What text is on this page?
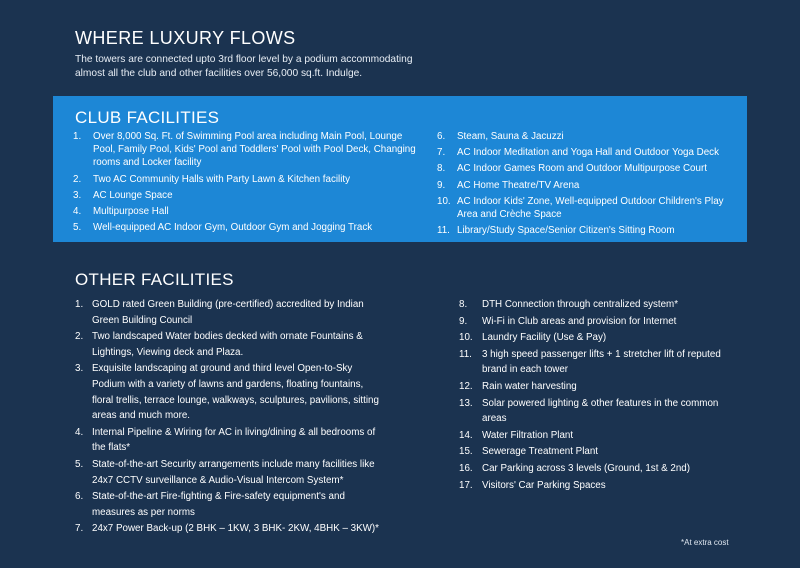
WHERE LUXURY FLOWS

The towers are connected upto 3rd floor level by a podium accommodating almost all the club and other facilities over 56,000 sq.ft. Indulge.

CLUB FACILITIES
1.	Over 8,000 Sq. Ft. of Swimming Pool area including Main Pool, Lounge Pool, Family Pool, Kids' Pool and Toddlers' Pool with Pool Deck, Changing rooms and Locker facility
2.	Two AC Community Halls with Party Lawn & Kitchen facility
3.	AC Lounge Space
4.	Multipurpose Hall
5.	Well-equipped AC Indoor Gym, Outdoor Gym and Jogging Track
6.	Steam, Sauna & Jacuzzi
7.	AC Indoor Meditation and Yoga Hall and Outdoor Yoga Deck
8.	AC Indoor Games Room and Outdoor Multipurpose Court
9.	AC Home Theatre/TV Arena
10. AC Indoor Kids' Zone, Well-equipped Outdoor Children's Play Area and Crèche Space
11. Library/Study Space/Senior Citizen's Sitting Room
OTHER FACILITIES
1. GOLD rated Green Building (pre-certified) accredited by Indian Green Building Council
2. Two landscaped Water bodies decked with ornate Fountains & Lightings, Viewing deck and Plaza.
3. Exquisite landscaping at ground and third level Open-to-Sky Podium with a variety of lawns and gardens, floating fountains, floral trellis, terrace lounge, walkways, sculptures, pavilions, sitting areas and much more.
4. Internal Pipeline & Wiring for AC in living/dining & all bedrooms of the flats*
5. State-of-the-art Security arrangements include many facilities like 24x7 CCTV surveillance & Audio-Visual Intercom System*
6. State-of-the-art Fire-fighting & Fire-safety equipment's and measures as per norms
7. 24x7 Power Back-up (2 BHK – 1KW, 3 BHK- 2KW, 4BHK – 3KW)*
8.	DTH Connection through centralized system*
9.	Wi-Fi in Club areas and provision for Internet
10. Laundry Facility (Use & Pay)
11.	3 high speed passenger lifts + 1 stretcher lift of reputed brand in each tower
12. Rain water harvesting
13. Solar powered lighting & other features in the common areas
14. Water Filtration Plant
15. Sewerage Treatment Plant
16. Car Parking across 3 levels (Ground, 1st & 2nd)
17. Visitors' Car Parking Spaces
*At extra cost
